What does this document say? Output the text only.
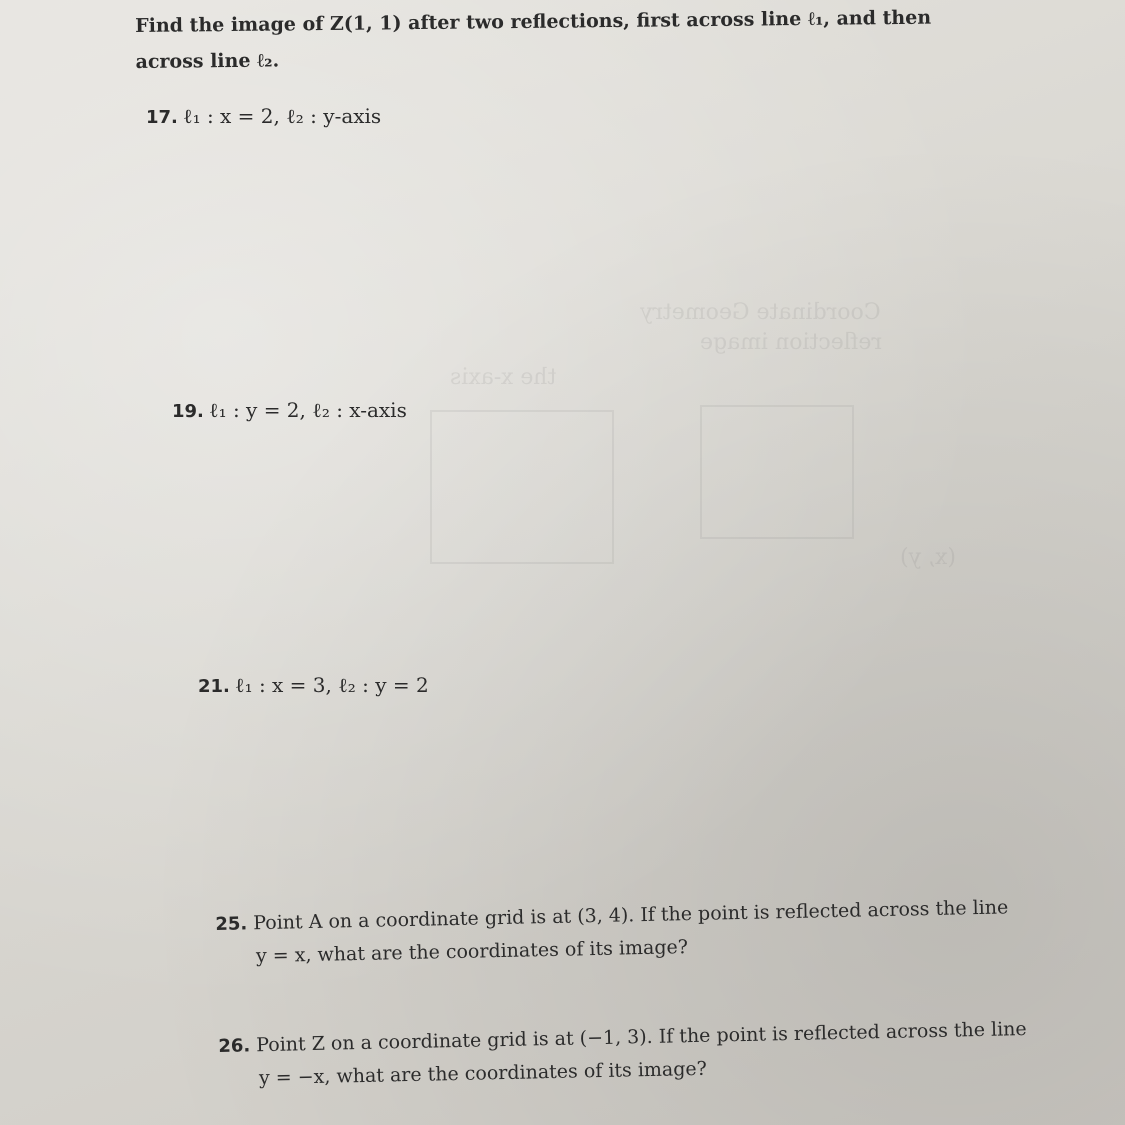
Coordinate Geometry
reflection image
the x-axis
(x, y)
Find the image of Z(1, 1) after two reflections, first across line ℓ₁, and then
across line ℓ₂.
17. ℓ₁ : x = 2, ℓ₂ : y-axis
19. ℓ₁ : y = 2, ℓ₂ : x-axis
21. ℓ₁ : x = 3, ℓ₂ : y = 2
25. Point A on a coordinate grid is at (3, 4). If the point is reflected across the line
y = x, what are the coordinates of its image?
26. Point Z on a coordinate grid is at (−1, 3). If the point is reflected across the line
y = −x, what are the coordinates of its image?
